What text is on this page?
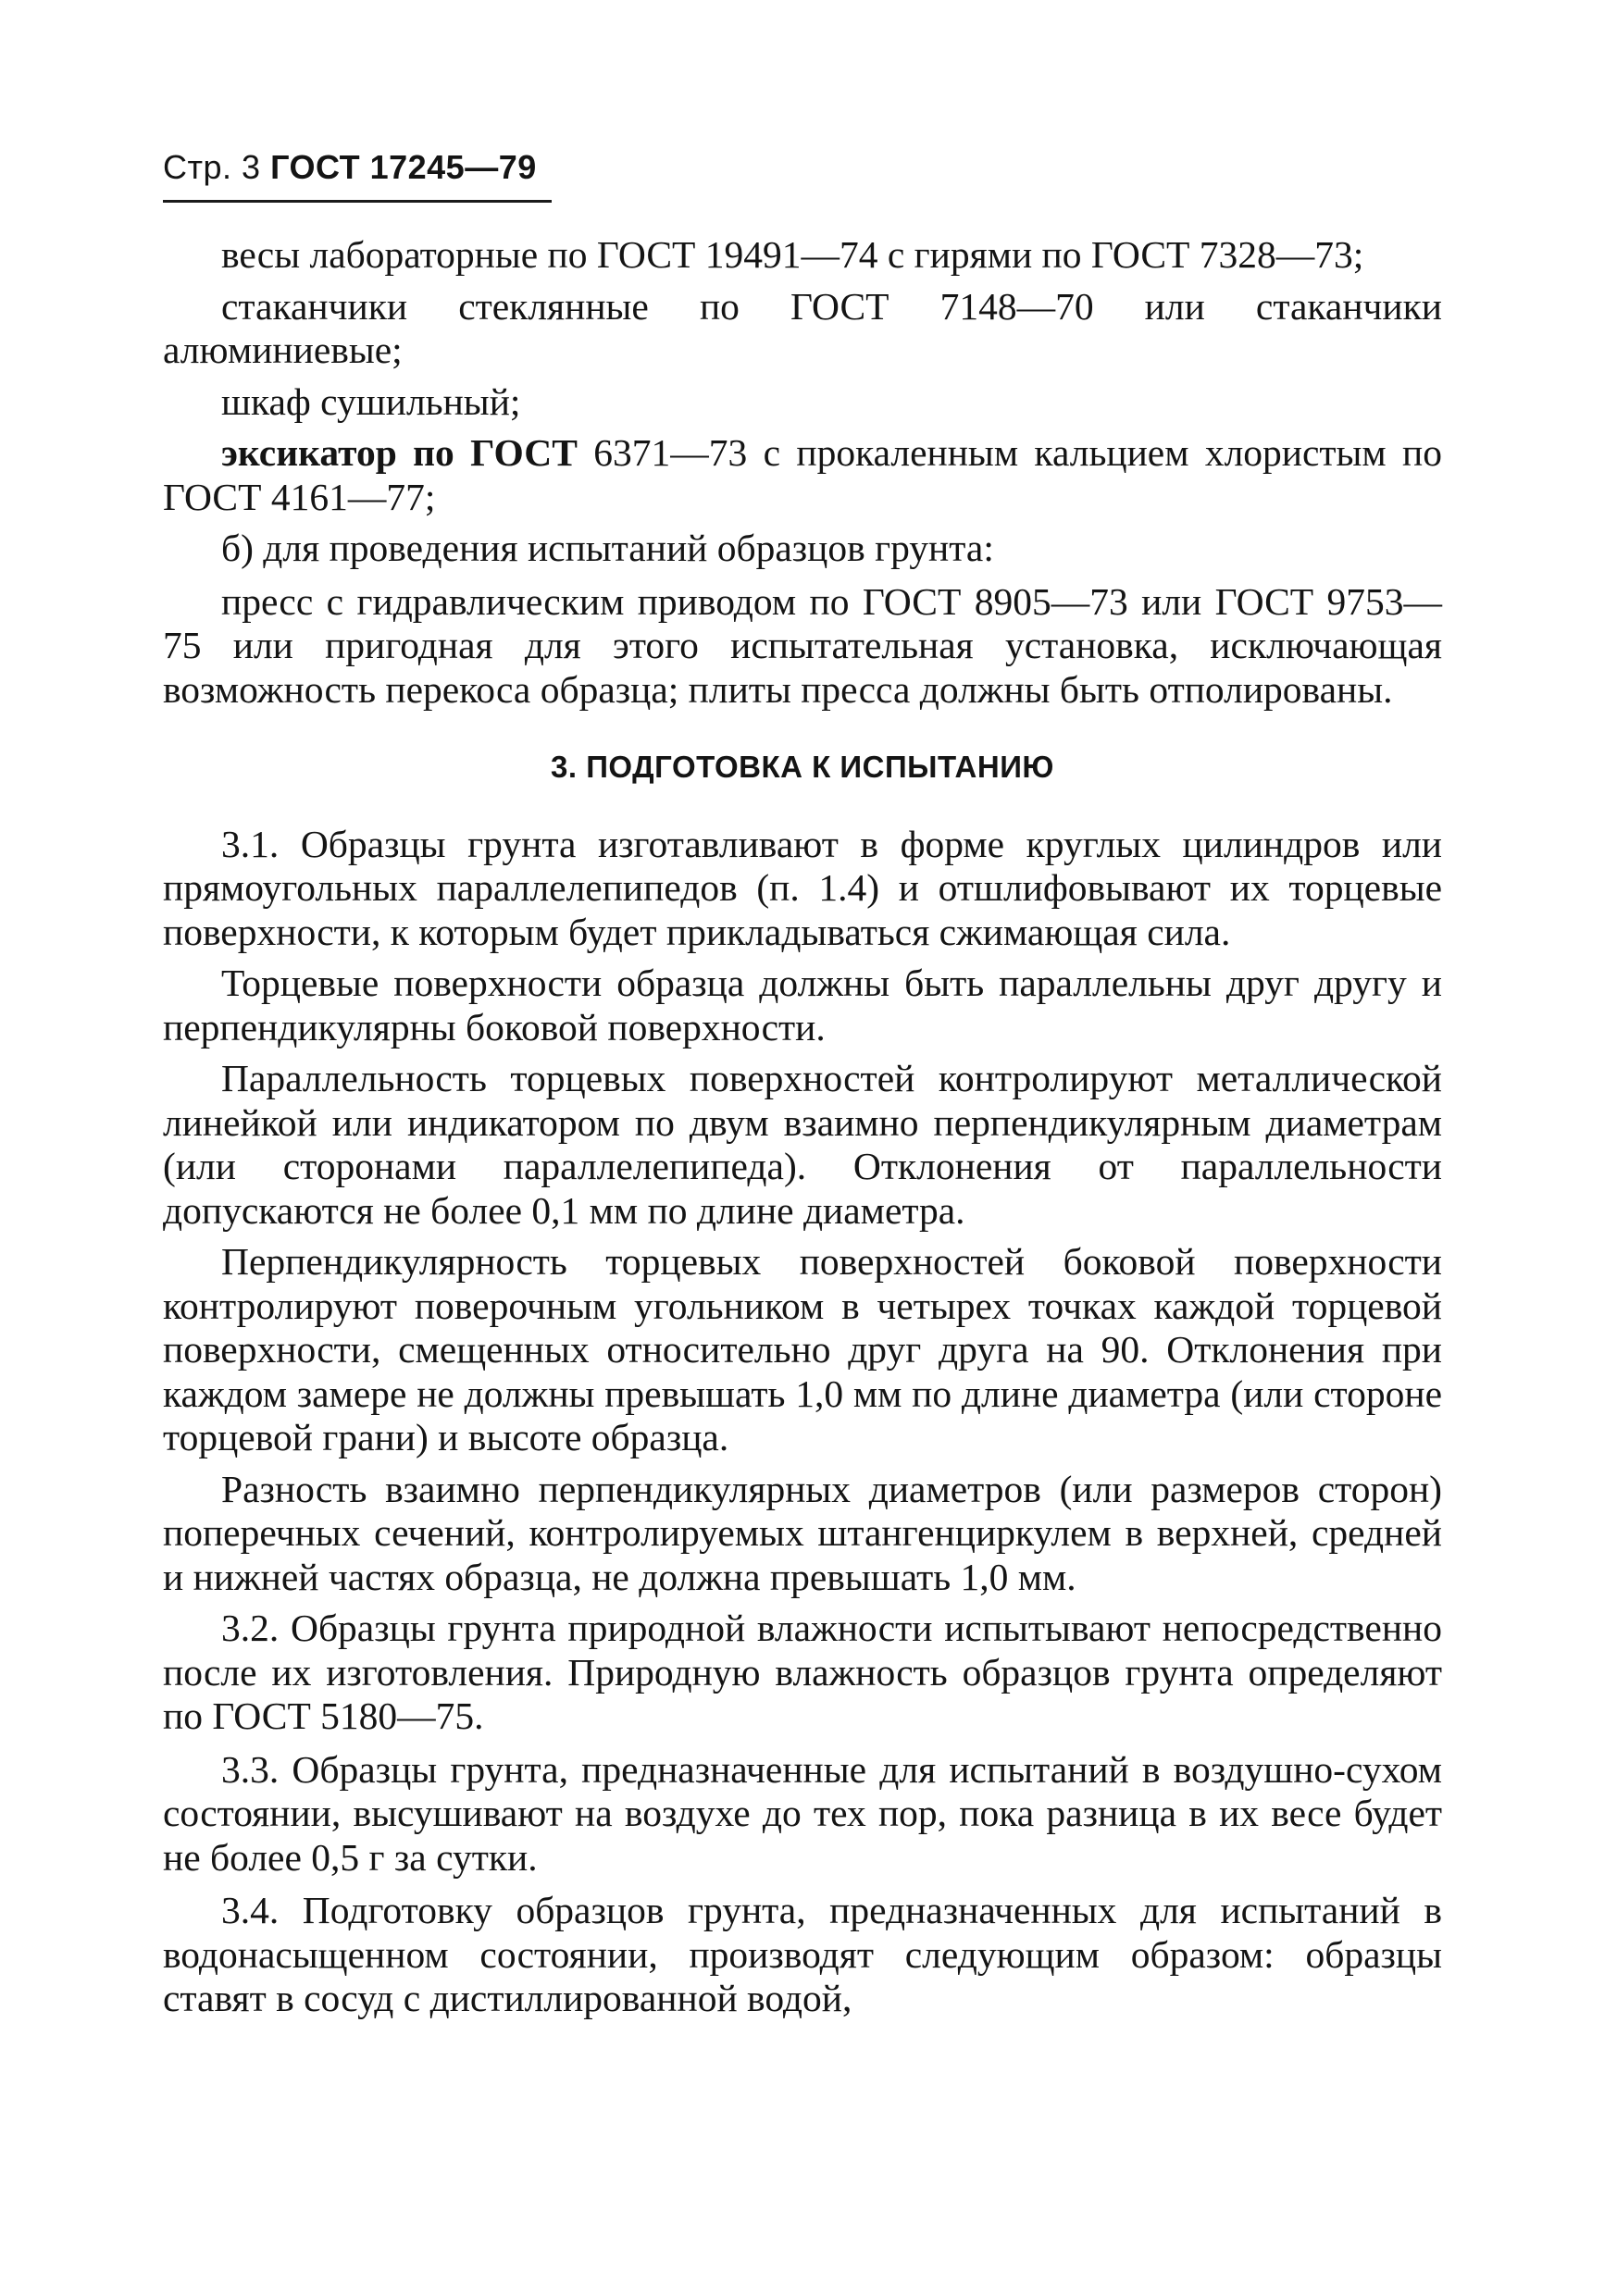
Стр. 3 ГОСТ 17245—79

весы лабораторные по ГОСТ 19491—74 с гирями по ГОСТ 7328—73;

стаканчики стеклянные по ГОСТ 7148—70 или стаканчики алюминиевые;

шкаф сушильный;

эксикатор по ГОСТ 6371—73 с прокаленным кальцием хлористым по ГОСТ 4161—77;

б) для проведения испытаний образцов грунта:

пресс с гидравлическим приводом по ГОСТ 8905—73 или ГОСТ 9753—75 или пригодная для этого испытательная установка, исключающая возможность перекоса образца; плиты пресса должны быть отполированы.

3. ПОДГОТОВКА К ИСПЫТАНИЮ

3.1. Образцы грунта изготавливают в форме круглых цилиндров или прямоугольных параллелепипедов (п. 1.4) и отшлифовывают их торцевые поверхности, к которым будет прикладываться сжимающая сила.

Торцевые поверхности образца должны быть параллельны друг другу и перпендикулярны боковой поверхности.

Параллельность торцевых поверхностей контролируют металлической линейкой или индикатором по двум взаимно перпендикулярным диаметрам (или сторонами параллелепипеда). Отклонения от параллельности допускаются не более 0,1 мм по длине диаметра.

Перпендикулярность торцевых поверхностей боковой поверхности контролируют поверочным угольником в четырех точках каждой торцевой поверхности, смещенных относительно друг друга на 90. Отклонения при каждом замере не должны превышать 1,0 мм по длине диаметра (или стороне торцевой грани) и высоте образца.

Разность взаимно перпендикулярных диаметров (или размеров сторон) поперечных сечений, контролируемых штангенциркулем в верхней, средней и нижней частях образца, не должна превышать 1,0 мм.

3.2. Образцы грунта природной влажности испытывают непосредственно после их изготовления. Природную влажность образцов грунта определяют по ГОСТ 5180—75.

3.3. Образцы грунта, предназначенные для испытаний в воздушно-сухом состоянии, высушивают на воздухе до тех пор, пока разница в их весе будет не более 0,5 г за сутки.

3.4. Подготовку образцов грунта, предназначенных для испытаний в водонасыщенном состоянии, производят следующим образом: образцы ставят в сосуд с дистиллированной водой,
